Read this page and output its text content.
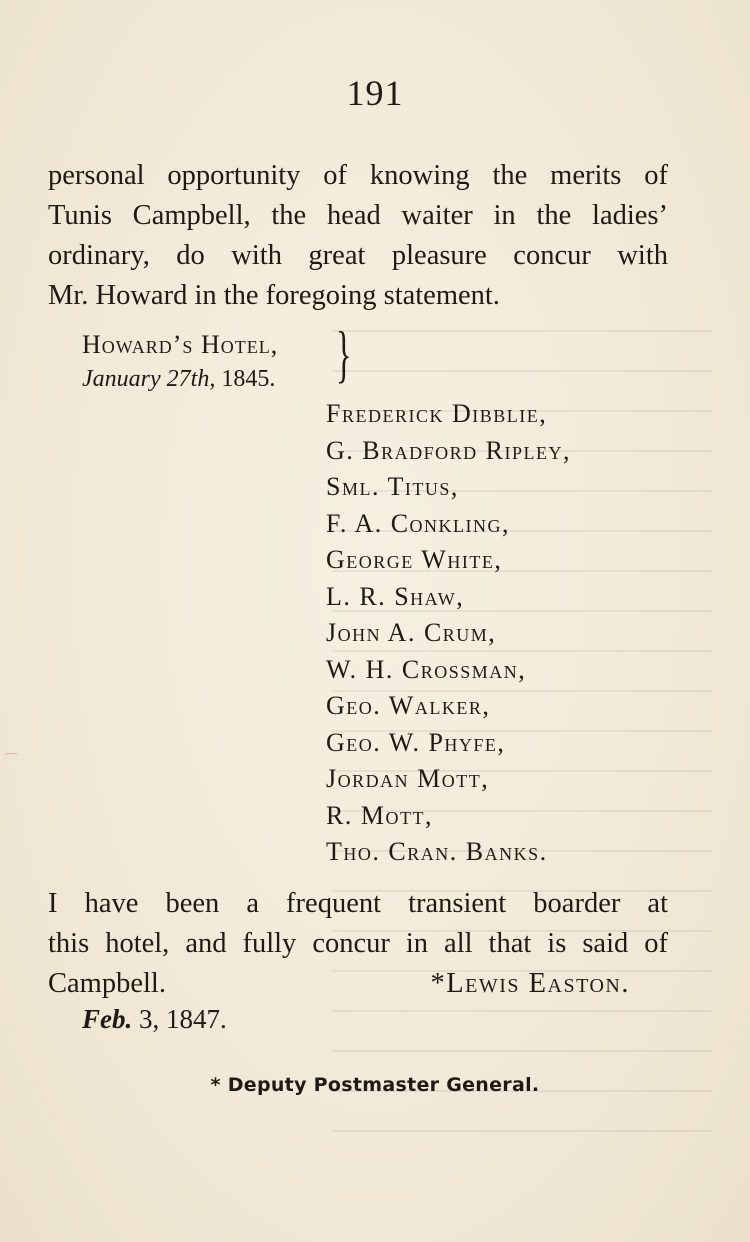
⌒
191
personal opportunity of knowing the merits of
Tunis Campbell, the head waiter in the ladies’
ordinary, do with great pleasure concur with
Mr. Howard in the foregoing statement.
Howard’s Hotel,
January 27th, 1845. }
Frederick Dibblie,
G. Bradford Ripley,
Sml. Titus,
F. A. Conkling,
George White,
L. R. Shaw,
John A. Crum,
W. H. Crossman,
Geo. Walker,
Geo. W. Phyfe,
Jordan Mott,
R. Mott,
Tho. Cran. Banks.
I have been a frequent transient boarder at
this hotel, and fully concur in all that is said of
Campbell.	*Lewis Easton.
Feb. 3, 1847.
* Deputy Postmaster General.
